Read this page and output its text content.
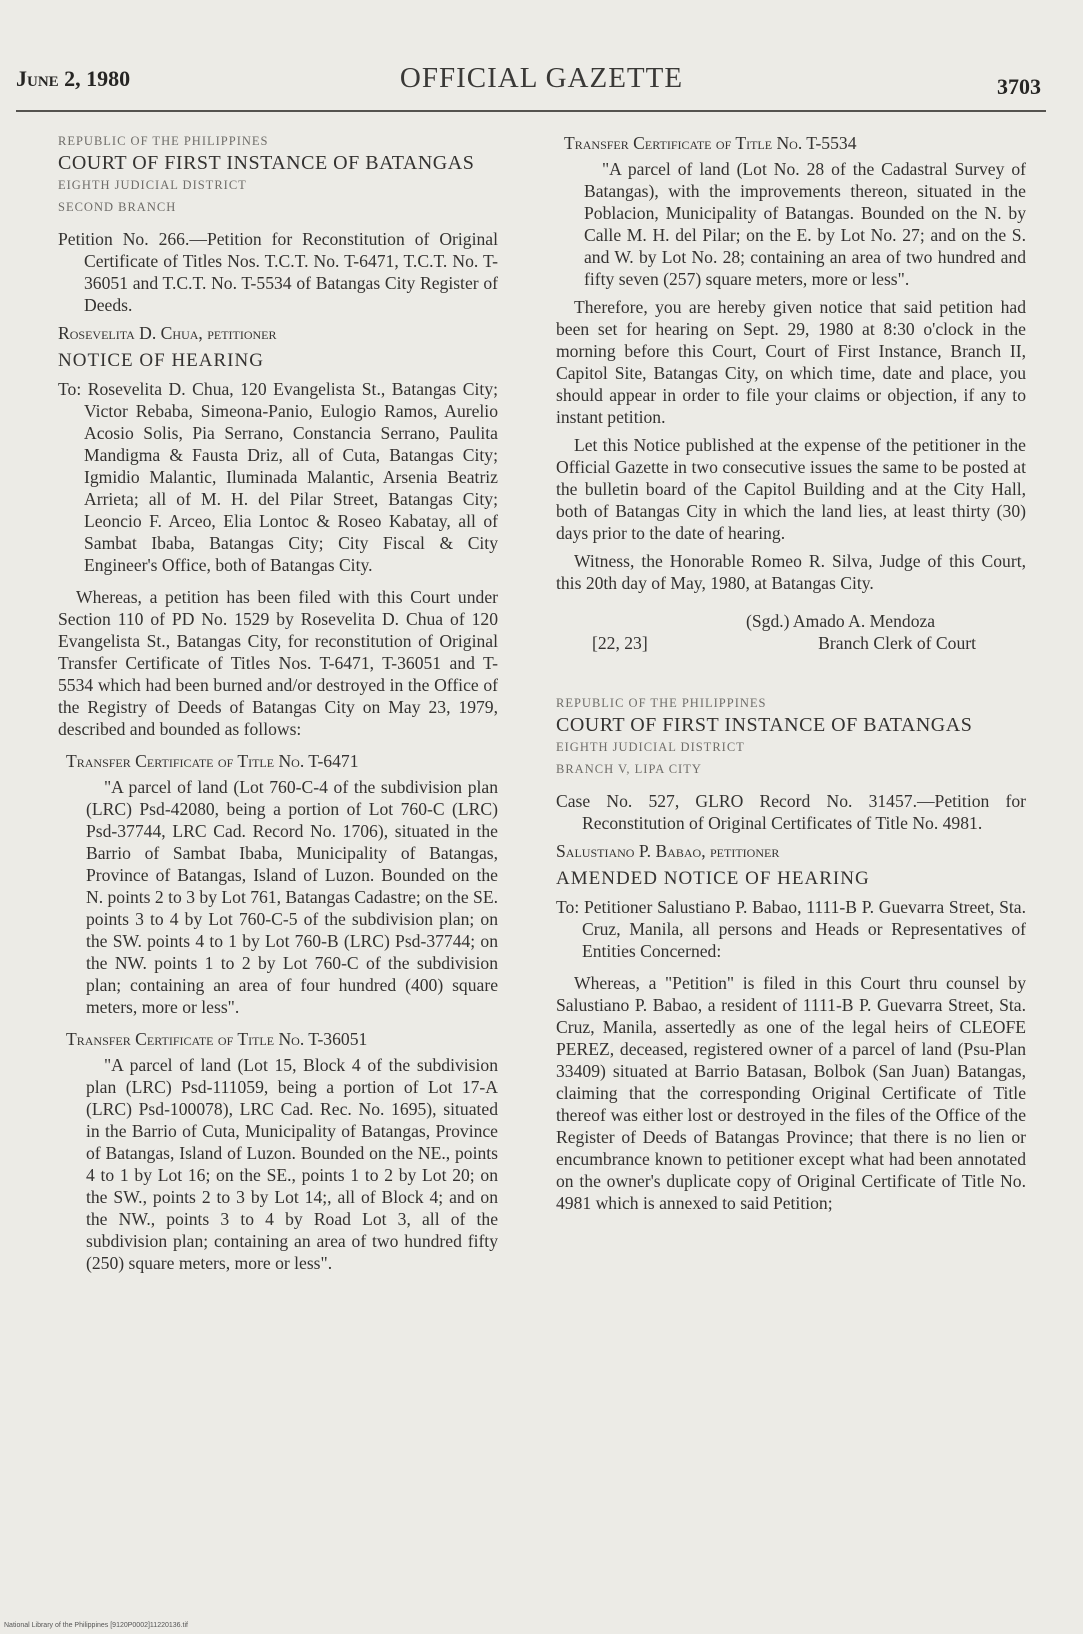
June 2, 1980	OFFICIAL GAZETTE	3703

REPUBLIC OF THE PHILIPPINES

COURT OF FIRST INSTANCE OF BATANGAS

EIGHTH JUDICIAL DISTRICT

SECOND BRANCH

Petition No. 266.—Petition for Reconstitution of Original Certificate of Titles Nos. T.C.T. No. T-6471, T.C.T. No. T-36051 and T.C.T. No. T-5534 of Batangas City Register of Deeds.

Rosevelita D. Chua, petitioner

NOTICE OF HEARING

To: Rosevelita D. Chua, 120 Evangelista St., Batangas City; Victor Rebaba, Simeona-Panio, Eulogio Ramos, Aurelio Acosio Solis, Pia Serrano, Constancia Serrano, Paulita Mandigma & Fausta Driz, all of Cuta, Batangas City; Igmidio Malantic, Iluminada Malantic, Arsenia Beatriz Arrieta; all of M. H. del Pilar Street, Batangas City; Leoncio F. Arceo, Elia Lontoc & Roseo Kabatay, all of Sambat Ibaba, Batangas City; City Fiscal & City Engineer's Office, both of Batangas City.

Whereas, a petition has been filed with this Court under Section 110 of PD No. 1529 by Rosevelita D. Chua of 120 Evangelista St., Batangas City, for reconstitution of Original Transfer Certificate of Titles Nos. T-6471, T-36051 and T-5534 which had been burned and/or destroyed in the Office of the Registry of Deeds of Batangas City on May 23, 1979, described and bounded as follows:

Transfer Certificate of Title No. T-6471

"A parcel of land (Lot 760-C-4 of the subdivision plan (LRC) Psd-42080, being a portion of Lot 760-C (LRC) Psd-37744, LRC Cad. Record No. 1706), situated in the Barrio of Sambat Ibaba, Municipality of Batangas, Province of Batangas, Island of Luzon. Bounded on the N. points 2 to 3 by Lot 761, Batangas Cadastre; on the SE. points 3 to 4 by Lot 760-C-5 of the subdivision plan; on the SW. points 4 to 1 by Lot 760-B (LRC) Psd-37744; on the NW. points 1 to 2 by Lot 760-C of the subdivision plan; containing an area of four hundred (400) square meters, more or less".

Transfer Certificate of Title No. T-36051

"A parcel of land (Lot 15, Block 4 of the subdivision plan (LRC) Psd-111059, being a portion of Lot 17-A (LRC) Psd-100078), LRC Cad. Rec. No. 1695), situated in the Barrio of Cuta, Municipality of Batangas, Province of Batangas, Island of Luzon. Bounded on the NE., points 4 to 1 by Lot 16; on the SE., points 1 to 2 by Lot 20; on the SW., points 2 to 3 by Lot 14;, all of Block 4; and on the NW., points 3 to 4 by Road Lot 3, all of the subdivision plan; containing an area of two hundred fifty (250) square meters, more or less".

Transfer Certificate of Title No. T-5534

"A parcel of land (Lot No. 28 of the Cadastral Survey of Batangas), with the improvements thereon, situated in the Poblacion, Municipality of Batangas. Bounded on the N. by Calle M. H. del Pilar; on the E. by Lot No. 27; and on the S. and W. by Lot No. 28; containing an area of two hundred and fifty seven (257) square meters, more or less".

Therefore, you are hereby given notice that said petition had been set for hearing on Sept. 29, 1980 at 8:30 o'clock in the morning before this Court, Court of First Instance, Branch II, Capitol Site, Batangas City, on which time, date and place, you should appear in order to file your claims or objection, if any to instant petition.

Let this Notice published at the expense of the petitioner in the Official Gazette in two consecutive issues the same to be posted at the bulletin board of the Capitol Building and at the City Hall, both of Batangas City in which the land lies, at least thirty (30) days prior to the date of hearing.

Witness, the Honorable Romeo R. Silva, Judge of this Court, this 20th day of May, 1980, at Batangas City.

(Sgd.) Amado A. Mendoza

[22, 23]	Branch Clerk of Court

REPUBLIC OF THE PHILIPPINES

COURT OF FIRST INSTANCE OF BATANGAS

EIGHTH JUDICIAL DISTRICT

BRANCH V, LIPA CITY

Case No. 527, GLRO Record No. 31457.—Petition for Reconstitution of Original Certificates of Title No. 4981.

Salustiano P. Babao, petitioner

AMENDED NOTICE OF HEARING

To: Petitioner Salustiano P. Babao, 1111-B P. Guevarra Street, Sta. Cruz, Manila, all persons and Heads or Representatives of Entities Concerned:

Whereas, a "Petition" is filed in this Court thru counsel by Salustiano P. Babao, a resident of 1111-B P. Guevarra Street, Sta. Cruz, Manila, assertedly as one of the legal heirs of CLEOFE PEREZ, deceased, registered owner of a parcel of land (Psu-Plan 33409) situated at Barrio Batasan, Bolbok (San Juan) Batangas, claiming that the corresponding Original Certificate of Title thereof was either lost or destroyed in the files of the Office of the Register of Deeds of Batangas Province; that there is no lien or encumbrance known to petitioner except what had been annotated on the owner's duplicate copy of Original Certificate of Title No. 4981 which is annexed to said Petition;

National Library of the Philippines [9120P0002]11220136.tif
